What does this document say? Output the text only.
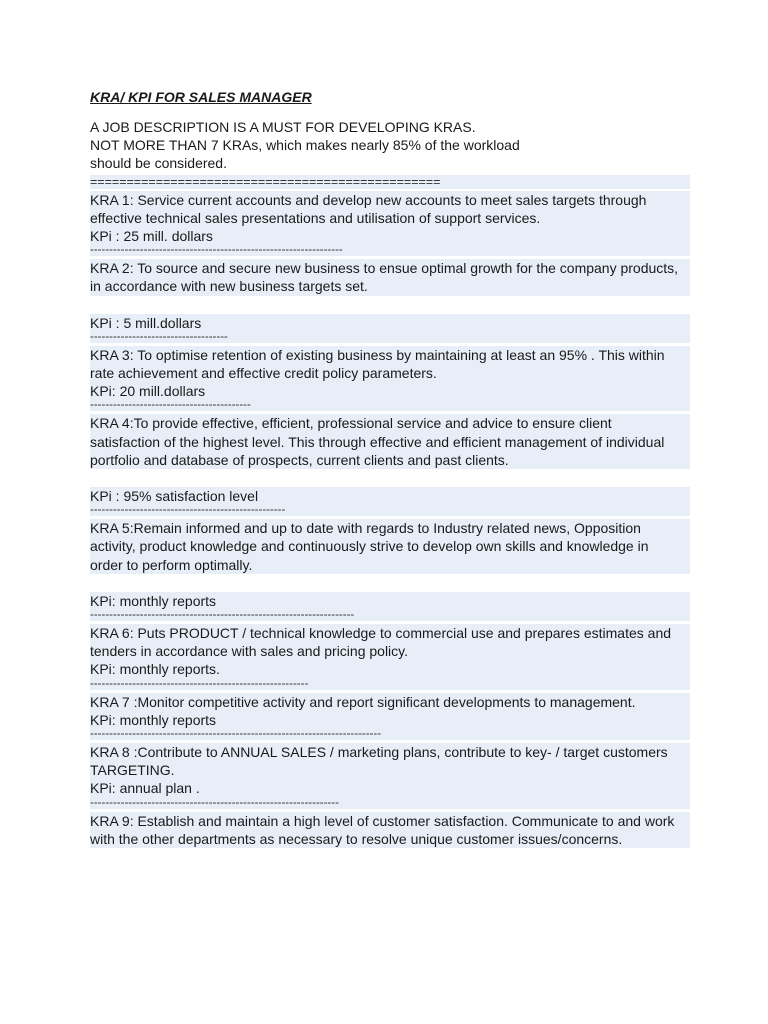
KRA/ KPI FOR SALES MANAGER
A JOB DESCRIPTION IS A MUST FOR DEVELOPING KRAS.
NOT MORE THAN 7 KRAs, which makes nearly 85% of the workload
should be considered.
================================================
KRA 1: Service current accounts and develop new accounts to meet sales targets through
effective technical sales presentations and utilisation of support services.
KPi : 25 mill. dollars
------------------------------------------------------------------
KRA 2: To source and secure new business to ensue optimal growth for the company products,
in accordance with new business targets set.
KPi : 5 mill.dollars
------------------------------------
KRA 3: To optimise retention of existing business by maintaining at least an 95% . This within
rate achievement and effective credit policy parameters.
KPi: 20 mill.dollars
------------------------------------------
KRA 4:To provide effective, efficient, professional service and advice to ensure client
satisfaction of the highest level. This through effective and efficient management of individual
portfolio and database of prospects, current clients and past clients.
KPi : 95% satisfaction level
---------------------------------------------------
KRA 5:Remain informed and up to date with regards to Industry related news, Opposition
activity, product knowledge and continuously strive to develop own skills and knowledge in
order to perform optimally.
KPi: monthly reports
---------------------------------------------------------------------
KRA 6: Puts PRODUCT / technical knowledge to commercial use and prepares estimates and
tenders in accordance with sales and pricing policy.
KPi: monthly reports.
---------------------------------------------------------
KRA 7 :Monitor competitive activity and report significant developments to management.
KPi: monthly reports
----------------------------------------------------------------------------
KRA 8 :Contribute to ANNUAL SALES / marketing plans, contribute to key- / target customers
TARGETING.
KPi: annual plan .
-----------------------------------------------------------------
KRA 9: Establish and maintain a high level of customer satisfaction. Communicate to and work
with the other departments as necessary to resolve unique customer issues/concerns.
